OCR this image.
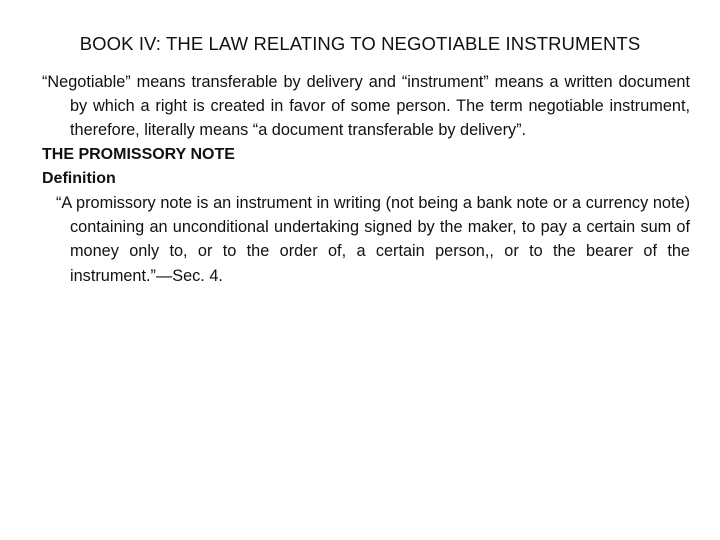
BOOK IV: THE LAW RELATING TO NEGOTIABLE INSTRUMENTS

“Negotiable” means transferable by delivery and “instrument” means a written document by which a right is created in favor of some person. The term negotiable instrument, therefore, literally means “a document transferable by delivery”.

THE PROMISSORY NOTE

Definition

“A promissory note is an instrument in writing (not being a bank note or a currency note) containing an unconditional undertaking signed by the maker, to pay a certain sum of money only to, or to the order of, a certain person,, or to the bearer of the instrument.”—Sec. 4.
